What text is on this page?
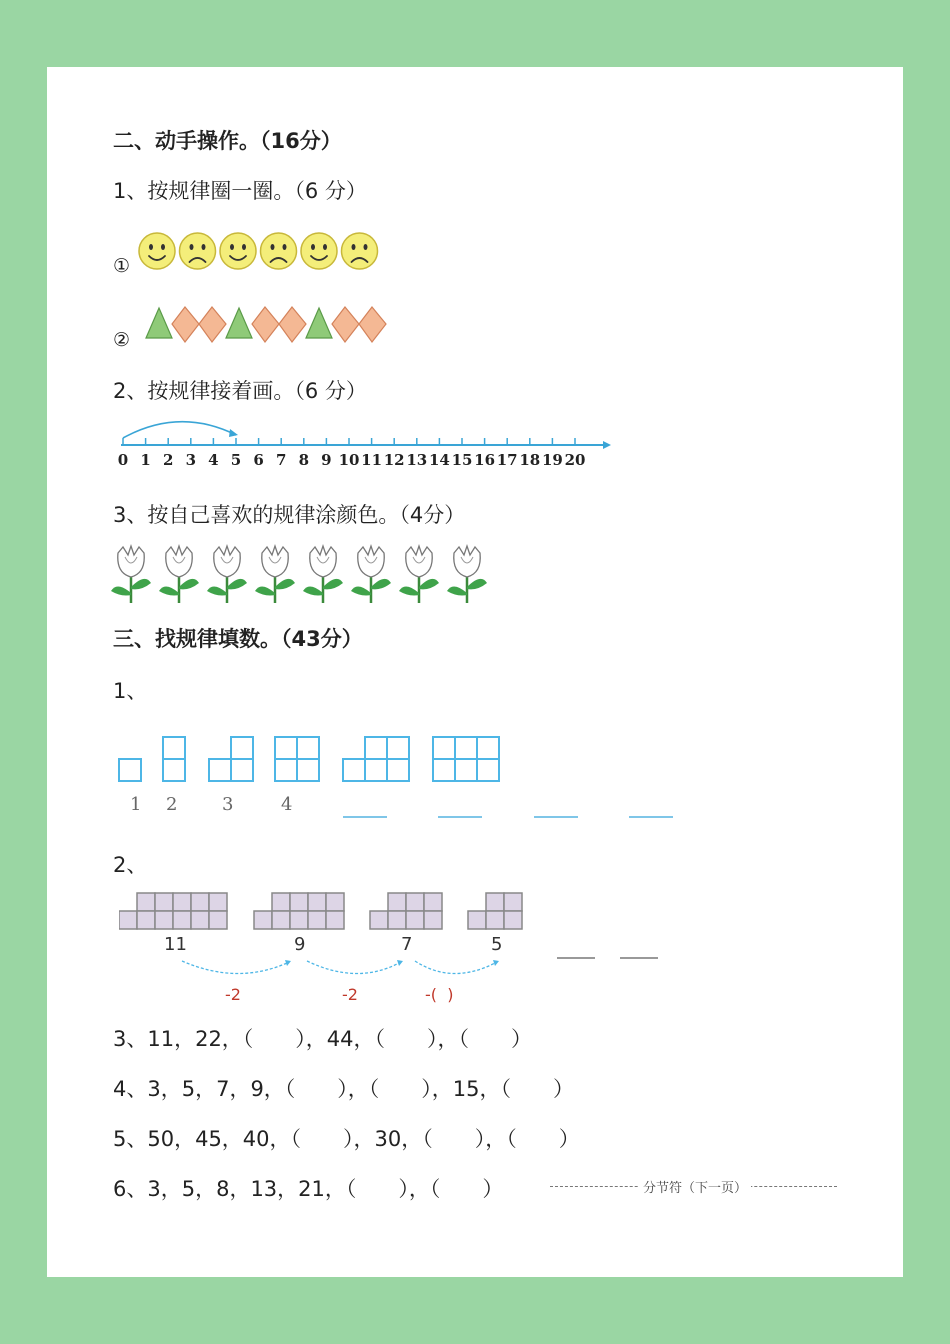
二、动手操作。（16分）
1、按规律圈一圈。（6 分）
①
②
2、按规律接着画。（6 分）
0 1 2 3 4 5 6 7 8 9 10 11 12 13 14 15 16 17 18 19 20
3、按自己喜欢的规律涂颜色。（4分）
三、找规律填数。（43分）
1、
1 2 3	4
2、
11	9	7	5
-2	-2	-(  )
3、11，22，（　　），44，（　　），（　　）
4、3，5，7，9，（　　），（　　），15，（　　）
5、50，45，40，（　　），30，（　　），（　　）
6、3，5，8，13，21，（　　），（　　）	分节符（下一页）
